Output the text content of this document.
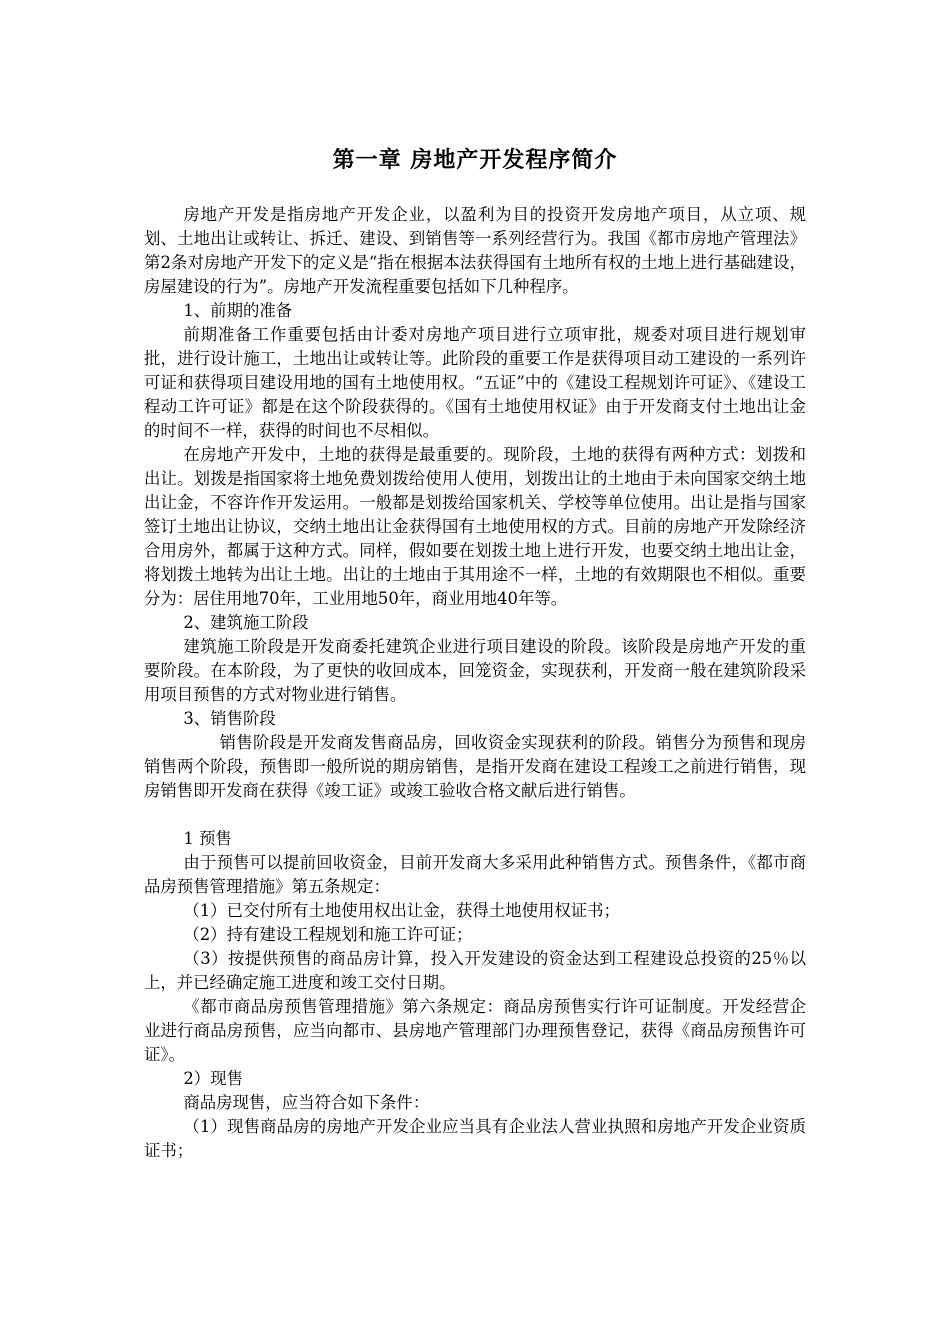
第一章 房地产开发程序简介

房地产开发是指房地产开发企业，以盈利为目的投资开发房地产项目，从立项、规划、土地出让或转让、拆迁、建设、到销售等一系列经营行为。我国《都市房地产管理法》第2条对房地产开发下的定义是“指在根据本法获得国有土地所有权的土地上进行基础建设，房屋建设的行为”。房地产开发流程重要包括如下几种程序。

1、前期的准备

前期准备工作重要包括由计委对房地产项目进行立项审批，规委对项目进行规划审批，进行设计施工，土地出让或转让等。此阶段的重要工作是获得项目动工建设的一系列许可证和获得项目建设用地的国有土地使用权。“五证”中的《建设工程规划许可证》、《建设工程动工许可证》都是在这个阶段获得的。《国有土地使用权证》由于开发商支付土地出让金的时间不一样，获得的时间也不尽相似。

在房地产开发中，土地的获得是最重要的。现阶段，土地的获得有两种方式：划拨和出让。划拨是指国家将土地免费划拨给使用人使用，划拨出让的土地由于未向国家交纳土地出让金，不容许作开发运用。一般都是划拨给国家机关、学校等单位使用。出让是指与国家签订土地出让协议，交纳土地出让金获得国有土地使用权的方式。目前的房地产开发除经济合用房外，都属于这种方式。同样，假如要在划拨土地上进行开发，也要交纳土地出让金，将划拨土地转为出让土地。出让的土地由于其用途不一样，土地的有效期限也不相似。重要分为：居住用地70年，工业用地50年，商业用地40年等。

2、建筑施工阶段

建筑施工阶段是开发商委托建筑企业进行项目建设的阶段。该阶段是房地产开发的重要阶段。在本阶段，为了更快的收回成本，回笼资金，实现获利，开发商一般在建筑阶段采用项目预售的方式对物业进行销售。

3、销售阶段

销售阶段是开发商发售商品房，回收资金实现获利的阶段。销售分为预售和现房销售两个阶段，预售即一般所说的期房销售，是指开发商在建设工程竣工之前进行销售，现房销售即开发商在获得《竣工证》或竣工验收合格文献后进行销售。

1 预售

由于预售可以提前回收资金，目前开发商大多采用此种销售方式。预售条件，《都市商品房预售管理措施》第五条规定：

（1）已交付所有土地使用权出让金，获得土地使用权证书；

（2）持有建设工程规划和施工许可证；

（3）按提供预售的商品房计算，投入开发建设的资金达到工程建设总投资的25％以上，并已经确定施工进度和竣工交付日期。

《都市商品房预售管理措施》第六条规定：商品房预售实行许可证制度。开发经营企业进行商品房预售，应当向都市、县房地产管理部门办理预售登记，获得《商品房预售许可证》。

2）现售

商品房现售，应当符合如下条件：

（1）现售商品房的房地产开发企业应当具有企业法人营业执照和房地产开发企业资质证书；
